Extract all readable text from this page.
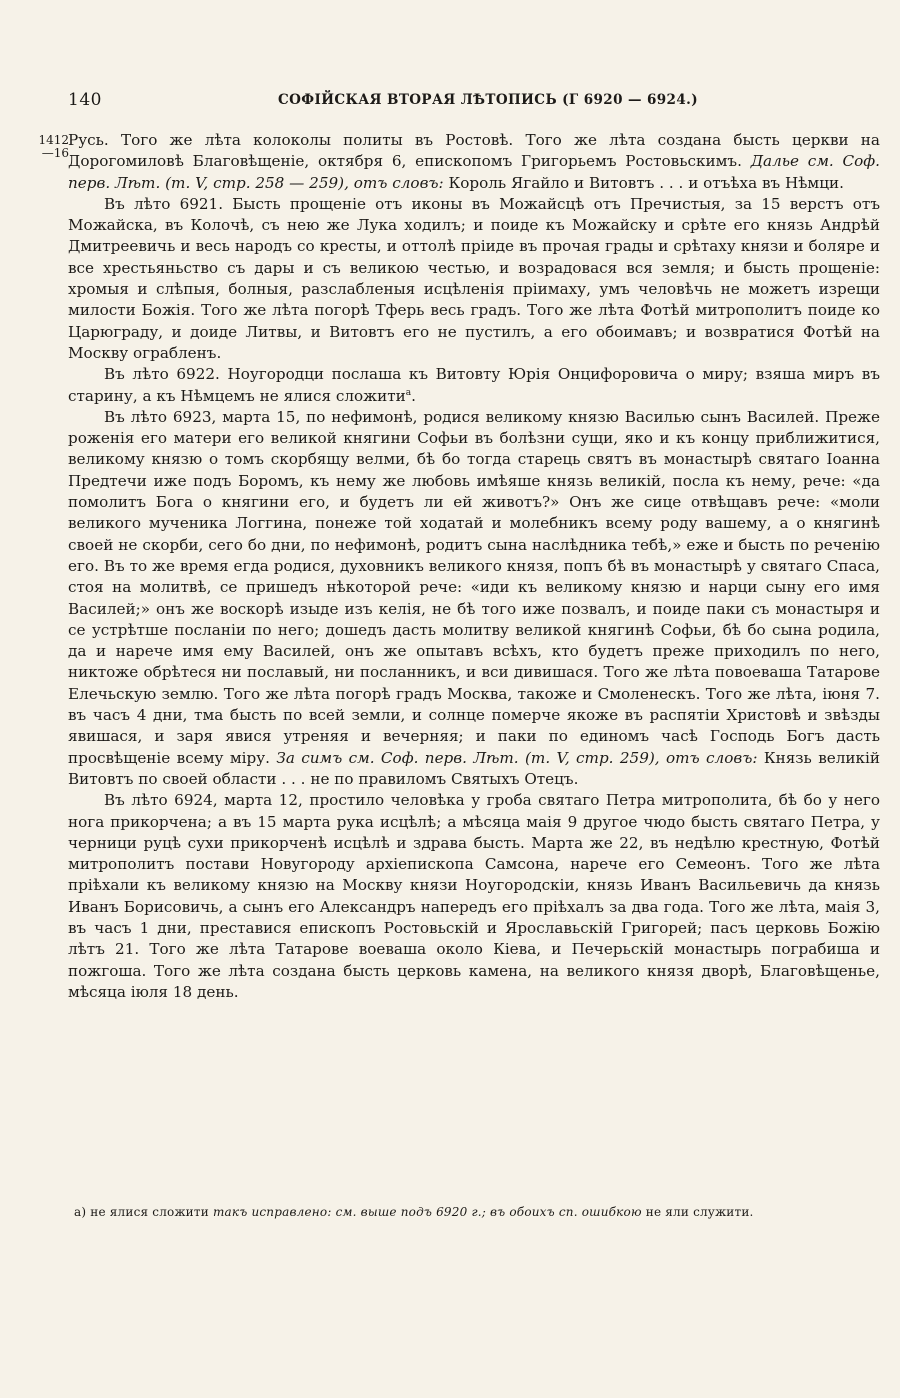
140	СОФІЙСКАЯ ВТОРАЯ ЛѢТОПИСЬ (Г 6920 — 6924.)
1412
—16

Русь. Того же лѣта колоколы политы въ Ростовѣ. Того же лѣта создана бысть церкви на Дорогомиловѣ Благовѣщеніе, октября 6, епископомъ Григорьемъ Ростовьскимъ. Далье см. Соф. перв. Лѣт. (т. V, стр. 258 — 259), отъ словъ: Король Ягайло и Витовтъ . . . и отъѣха въ Нѣмци.

Въ лѣто 6921. Бысть прощеніе отъ иконы въ Можайсцѣ отъ Пречистыя, за 15 верстъ отъ Можайска, въ Колочѣ, съ нею же Лука ходилъ; и поиде къ Можайску и срѣте его князь Андрѣй Дмитреевичь и весь народъ со кресты, и оттолѣ пріиде въ прочая грады и срѣтаху князи и боляре и все хрестьяньство съ дары и съ великою честью, и возрадовася вся земля; и бысть прощеніе: хромыя и слѣпыя, болныя, разслабленыя исцѣленія пріимаху, умъ человѣчь не можетъ изрещи милости Божія. Того же лѣта погорѣ Тферь весь градъ. Того же лѣта Фотѣй митрополитъ поиде ко Царюграду, и доиде Литвы, и Витовтъ его не пустилъ, а его обоимавъ; и возвратися Фотѣй на Москву ограбленъ.

Въ лѣто 6922. Ноугородци послаша къ Витовту Юрія Онцифоровича о миру; взяша миръ въ старину, а къ Нѣмцемъ не ялися сложити$^а$.

Въ лѣто 6923, марта 15, по нефимонѣ, родися великому князю Василью сынъ Василей. Преже роженія его матери его великой княгини Софьи въ болѣзни сущи, яко и къ концу приближитися, великому князю о томъ скорбящу велми, бѣ бо тогда старець святъ въ монастырѣ святаго Іоанна Предтечи иже подъ Боромъ, къ нему же любовь имѣяше князь великій, посла къ нему, рече: «да помолитъ Бога о княгини его, и будетъ ли ей животъ?» Онъ же сице отвѣщавъ рече: «моли великого мученика Логгина, понеже той ходатай и молебникъ всему роду вашему, а о княгинѣ своей не скорби, сего бо дни, по нефимонѣ, родитъ сына наслѣдника тебѣ,» еже и бысть по реченію его. Въ то же время егда родися, духовникъ великого князя, попъ бѣ въ монастырѣ у святаго Спаса, стоя на молитвѣ, се пришедъ нѣкоторой рече: «иди къ великому князю и нарци сыну его имя Василей;» онъ же воскорѣ изыде изъ келія, не бѣ того иже позвалъ, и поиде паки съ монастыря и се устрѣтше посланіи по него; дошедъ дасть молитву великой княгинѣ Софьи, бѣ бо сына родила, да и нарече имя ему Василей, онъ же опытавъ всѣхъ, кто будетъ преже приходилъ по него, никтоже обрѣтеся ни пославый, ни посланникъ, и вси дивишася. Того же лѣта повоеваша Татарове Елечьскую землю. Того же лѣта погорѣ градъ Москва, такоже и Смоленескъ. Того же лѣта, іюня 7. въ часъ 4 дни, тма бысть по всей земли, и солнце померче якоже въ распятіи Христовѣ и звѣзды явишася, и заря явися утреняя и вечерняя; и паки по единомъ часѣ Господь Богъ дасть просвѣщеніе всему міру. За симъ см. Соф. перв. Лѣт. (т. V, стр. 259), отъ словъ: Князь великій Витовтъ по своей области . . . не по правиломъ Святыхъ Отецъ.

Въ лѣто 6924, марта 12, простило человѣка у гроба святаго Петра митрополита, бѣ бо у него нога прикорчена; а въ 15 марта рука исцѣлѣ; а мѣсяца маія 9 другое чюдо бысть святаго Петра, у черници руцѣ сухи прикорченѣ исцѣлѣ и здрава бысть. Марта же 22, въ недѣлю крестную, Фотѣй митрополитъ постави Новугороду архіепископа Самсона, нарече его Семеонъ. Того же лѣта пріѣхали къ великому князю на Москву князи Ноугородскіи, князь Иванъ Васильевичь да князь Иванъ Борисовичь, а сынъ его Александръ напередъ его пріѣхалъ за два года. Того же лѣта, маія 3, въ часъ 1 дни, преставися епископъ Ростовьскій и Ярославьскій Григорей; пасъ церковь Божію лѣтъ 21. Того же лѣта Татарове воеваша около Кіева, и Печерьскій монастырь пограбиша и пожгоша. Того же лѣта создана бысть церковь камена, на великого князя дворѣ, Благовѣщенье, мѣсяца іюля 18 день.

а) не ялися сложити такъ исправлено: см. выше подъ 6920 г.; въ обоихъ сп. ошибкою не яли служити.
